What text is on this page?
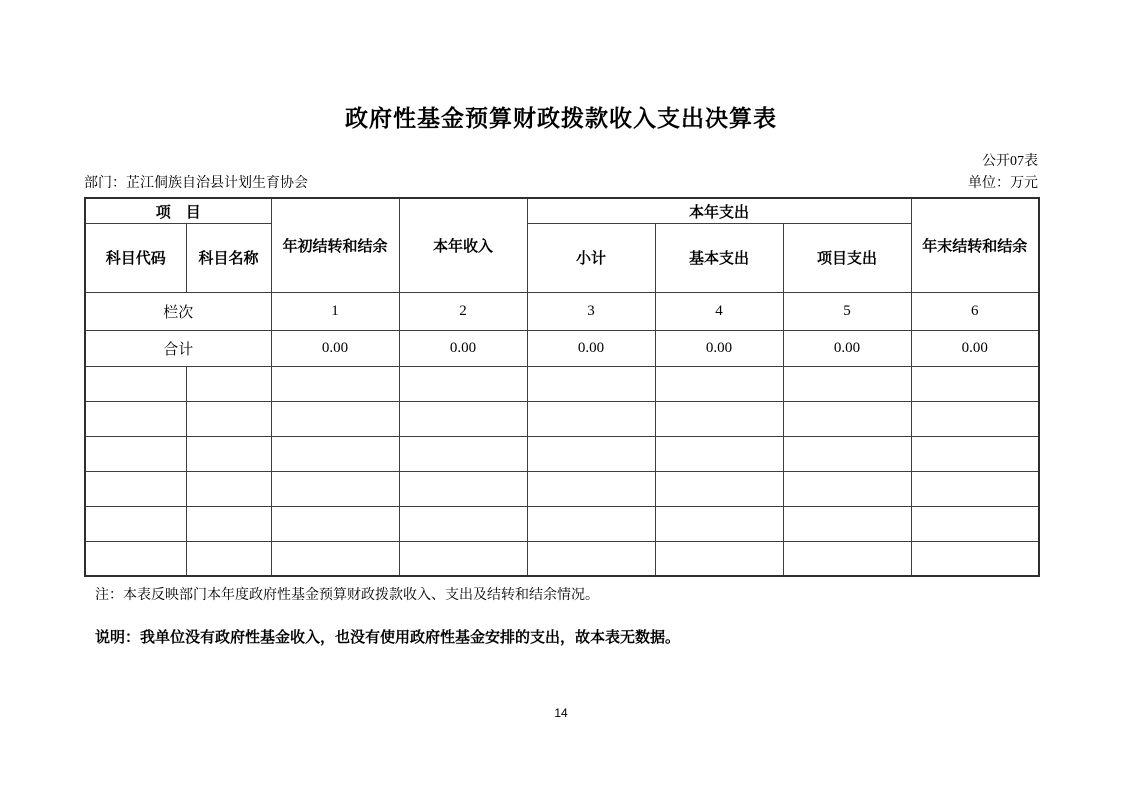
政府性基金预算财政拨款收入支出决算表
公开07表
部门：芷江侗族自治县计划生育协会	单位：万元
项　目		年初结转和结余	本年收入	本年支出			年末结转和结余
科目代码	科目名称			小计	基本支出	项目支出	
栏次		1	2	3	4	5	6
合计		0.00	0.00	0.00	0.00	0.00	0.00

注：本表反映部门本年度政府性基金预算财政拨款收入、支出及结转和结余情况。
说明：我单位没有政府性基金收入，也没有使用政府性基金安排的支出，故本表无数据。
14
